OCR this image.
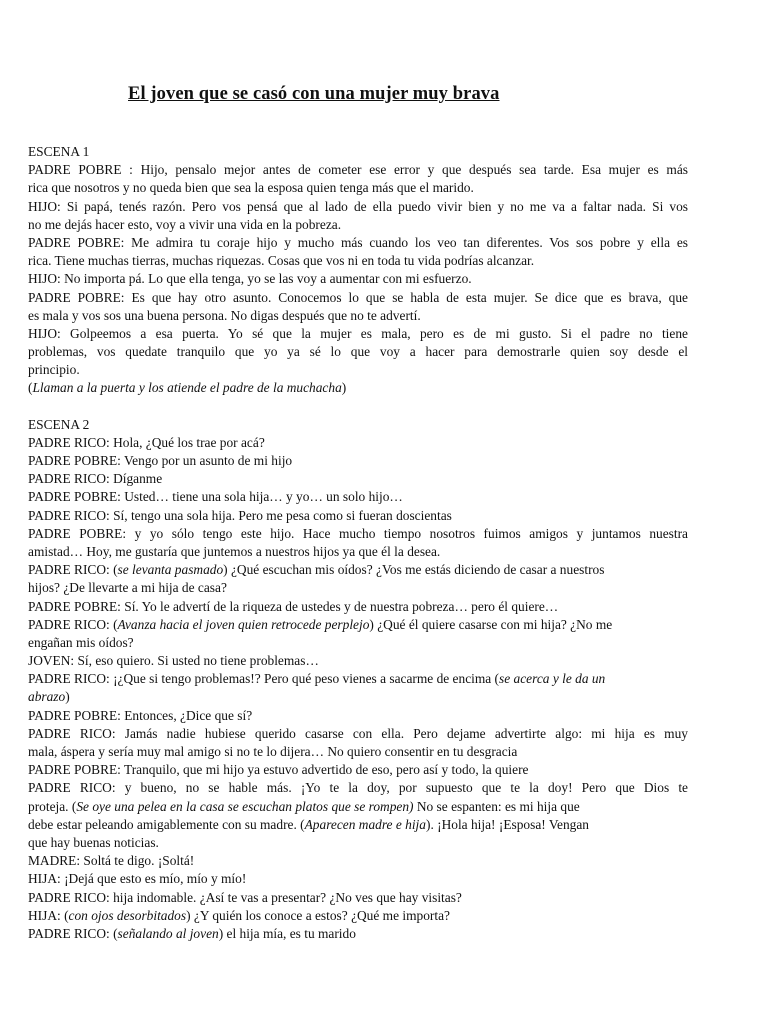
El joven que se casó con una mujer muy brava
ESCENA 1
PADRE POBRE : Hijo, pensalo mejor antes de cometer ese error y que después sea tarde. Esa mujer es más
rica que nosotros y no queda bien que sea la esposa quien tenga más que el marido.
HIJO: Si papá, tenés razón. Pero vos pensá que al lado de ella puedo vivir bien y no me va a faltar nada. Si vos
no me dejás hacer esto, voy a vivir una vida en la pobreza.
PADRE POBRE: Me admira tu coraje hijo y mucho más cuando los veo tan diferentes. Vos sos pobre y ella es
rica. Tiene muchas tierras, muchas riquezas. Cosas que vos ni en toda tu vida podrías alcanzar.
HIJO: No importa pá. Lo que ella tenga, yo se las voy a aumentar con mi esfuerzo.
PADRE POBRE: Es que hay otro asunto. Conocemos lo que se habla de esta mujer. Se dice que es brava, que
es mala y vos sos una buena persona. No digas después que no te advertí.
HIJO: Golpeemos a esa puerta. Yo sé que la mujer es mala, pero es de mi gusto. Si el padre no tiene
problemas, vos quedate tranquilo que yo ya sé lo que voy a hacer para demostrarle quien soy desde el
principio.
(Llaman a la puerta y los atiende el padre de la muchacha)
ESCENA 2
PADRE RICO: Hola, ¿Qué los trae por acá?
PADRE POBRE: Vengo por un asunto de mi hijo
PADRE RICO: Díganme
PADRE POBRE: Usted… tiene una sola hija… y yo… un solo hijo…
PADRE RICO: Sí, tengo una sola hija. Pero me pesa como si fueran doscientas
PADRE POBRE: y yo sólo tengo este hijo. Hace mucho tiempo nosotros fuimos amigos y juntamos nuestra
amistad… Hoy, me gustaría que juntemos a nuestros hijos ya que él la desea.
PADRE RICO: (se levanta pasmado) ¿Qué escuchan mis oídos? ¿Vos me estás diciendo de casar a nuestros
hijos? ¿De llevarte a mi hija de casa?
PADRE POBRE: Sí. Yo le advertí de la riqueza de ustedes y de nuestra pobreza… pero él quiere…
PADRE RICO: (Avanza hacia el joven quien retrocede perplejo) ¿Qué él quiere casarse con mi hija? ¿No me
engañan mis oídos?
JOVEN: Sí, eso quiero. Si usted no tiene problemas…
PADRE RICO: ¡¿Que si tengo problemas!? Pero qué peso vienes a sacarme de encima (se acerca y le da un
abrazo)
PADRE POBRE: Entonces, ¿Dice que sí?
PADRE RICO: Jamás nadie hubiese querido casarse con ella. Pero dejame advertirte algo: mi hija es muy
mala, áspera y sería muy mal amigo si no te lo dijera… No quiero consentir en tu desgracia
PADRE POBRE: Tranquilo, que mi hijo ya estuvo advertido de eso, pero así y todo, la quiere
PADRE RICO: y bueno, no se hable más. ¡Yo te la doy, por supuesto que te la doy! Pero que Dios te
proteja. (Se oye una pelea en la casa se escuchan platos que se rompen) No se espanten: es mi hija que
debe estar peleando amigablemente con su madre. (Aparecen madre e hija). ¡Hola hija! ¡Esposa! Vengan
que hay buenas noticias.
MADRE: Soltá te digo. ¡Soltá!
HIJA: ¡Dejá que esto es mío, mío y mío!
PADRE RICO: hija indomable. ¿Así te vas a presentar? ¿No ves que hay visitas?
HIJA: (con ojos desorbitados) ¿Y quién los conoce a estos? ¿Qué me importa?
PADRE RICO: (señalando al joven) el hija mía, es tu marido
